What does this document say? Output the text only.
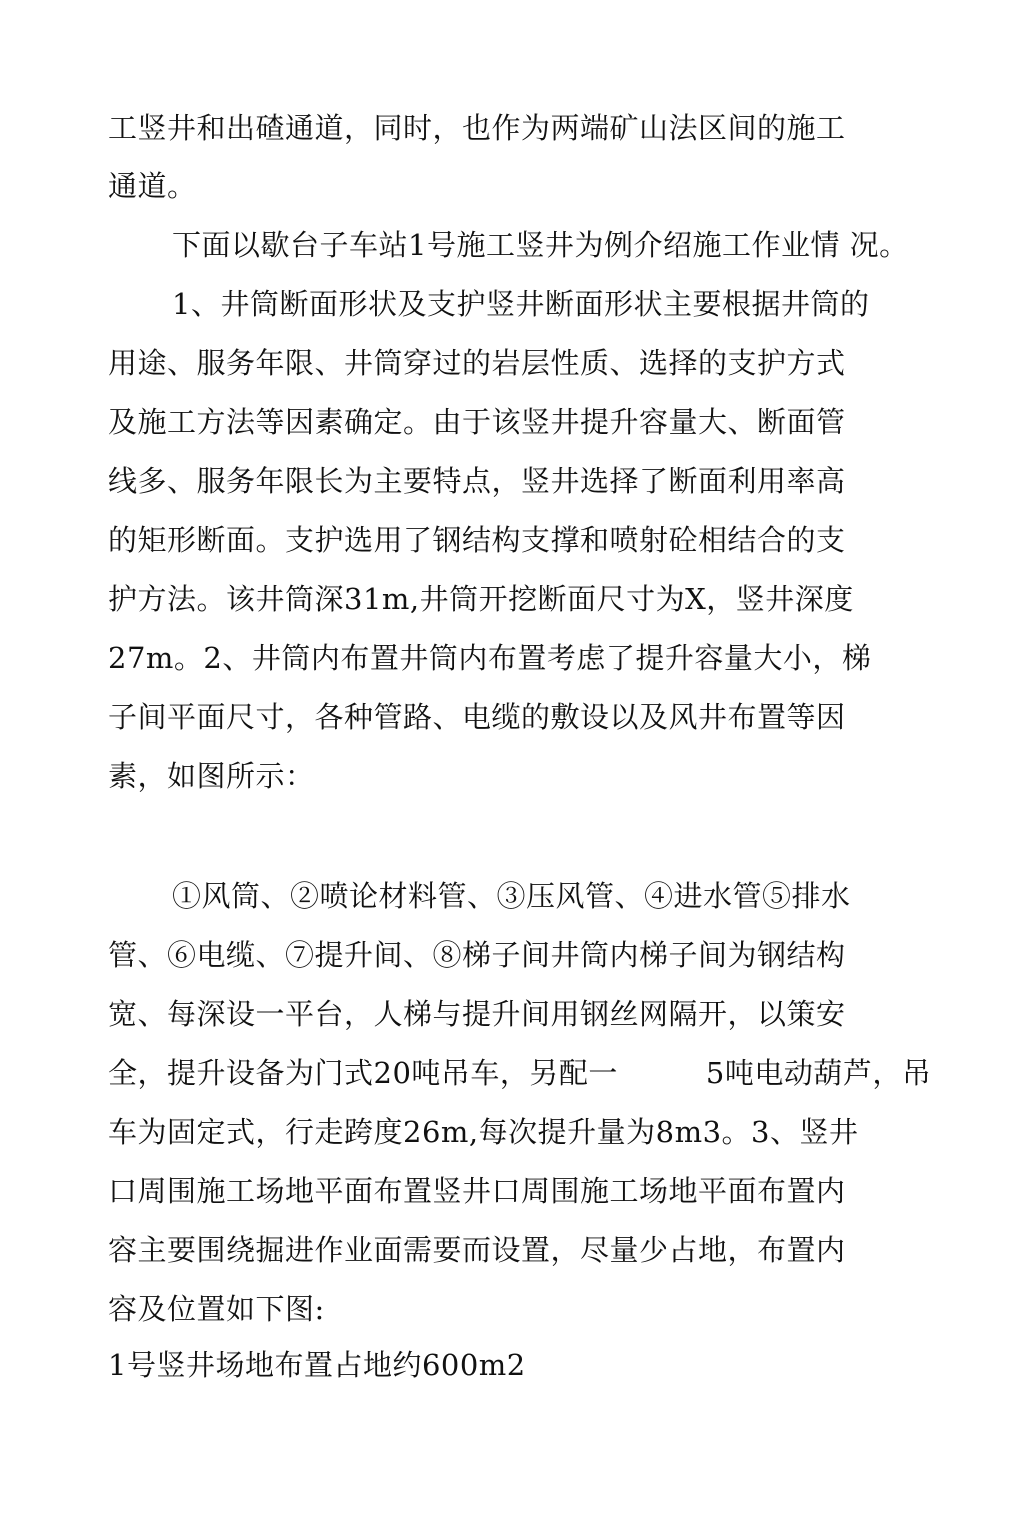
工竖井和出碴通道，同时，也作为两端矿山法区间的施工
通道。
下面以歇台子车站1号施工竖井为例介绍施工作业情 况。
1、井筒断面形状及支护竖井断面形状主要根据井筒的
用途、服务年限、井筒穿过的岩层性质、选择的支护方式
及施工方法等因素确定。由于该竖井提升容量大、断面管
线多、服务年限长为主要特点，竖井选择了断面利用率高
的矩形断面。支护选用了钢结构支撑和喷射砼相结合的支
护方法。该井筒深31m,井筒开挖断面尺寸为X，竖井深度
27m。2、井筒内布置井筒内布置考虑了提升容量大小，梯
子间平面尺寸，各种管路、电缆的敷设以及风井布置等因
素，如图所示：
①风筒、②喷论材料管、③压风管、④进水管⑤排水
管、⑥电缆、⑦提升间、⑧梯子间井筒内梯子间为钢结构
宽、每深设一平台，人梯与提升间用钢丝网隔开，以策安
全，提升设备为门式20吨吊车，另配一	5吨电动葫芦，吊
车为固定式，行走跨度26m,每次提升量为8m3。3、竖井
口周围施工场地平面布置竖井口周围施工场地平面布置内
容主要围绕掘进作业面需要而设置，尽量少占地，布置内
容及位置如下图:
1号竖井场地布置占地约600m2
